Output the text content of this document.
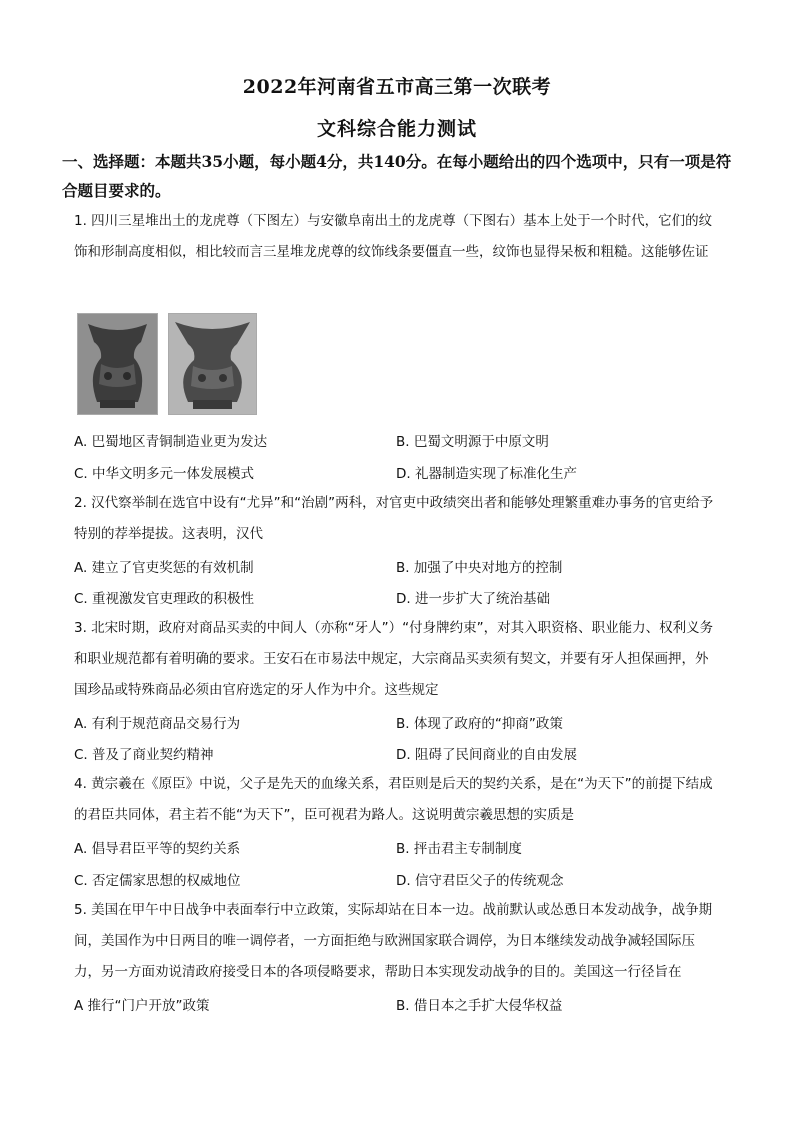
2022年河南省五市高三第一次联考
文科综合能力测试
一、选择题：本题共35小题，每小题4分，共140分。在每小题给出的四个选项中，只有一项是符合题目要求的。
1. 四川三星堆出土的龙虎尊（下图左）与安徽阜南出土的龙虎尊（下图右）基本上处于一个时代，它们的纹饰和形制高度相似，相比较而言三星堆龙虎尊的纹饰线条要僵直一些，纹饰也显得呆板和粗糙。这能够佐证
A. 巴蜀地区青铜制造业更为发达	B. 巴蜀文明源于中原文明
C. 中华文明多元一体发展模式	D. 礼器制造实现了标准化生产
2. 汉代察举制在选官中设有“尤异”和“治剧”两科，对官吏中政绩突出者和能够处理繁重难办事务的官吏给予特别的荐举提拔。这表明，汉代
A. 建立了官吏奖惩的有效机制	B. 加强了中央对地方的控制
C. 重视激发官吏理政的积极性	D. 进一步扩大了统治基础
3. 北宋时期，政府对商品买卖的中间人（亦称“牙人”）“付身牌约束”，对其入职资格、职业能力、权利义务和职业规范都有着明确的要求。王安石在市易法中规定，大宗商品买卖须有契文，并要有牙人担保画押，外国珍品或特殊商品必须由官府选定的牙人作为中介。这些规定
A. 有利于规范商品交易行为	B. 体现了政府的“抑商”政策
C. 普及了商业契约精神	D. 阻碍了民间商业的自由发展
4. 黄宗羲在《原臣》中说，父子是先天的血缘关系，君臣则是后天的契约关系，是在“为天下”的前提下结成的君臣共同体，君主若不能“为天下”，臣可视君为路人。这说明黄宗羲思想的实质是
A. 倡导君臣平等的契约关系	B. 抨击君主专制制度
C. 否定儒家思想的权威地位	D. 信守君臣父子的传统观念
5. 美国在甲午中日战争中表面奉行中立政策，实际却站在日本一边。战前默认或怂恿日本发动战争，战争期间，美国作为中日两目的唯一调停者，一方面拒绝与欧洲国家联合调停，为日本继续发动战争减轻国际压力，另一方面劝说清政府接受日本的各项侵略要求，帮助日本实现发动战争的目的。美国这一行径旨在
A 推行“门户开放”政策	B. 借日本之手扩大侵华权益
